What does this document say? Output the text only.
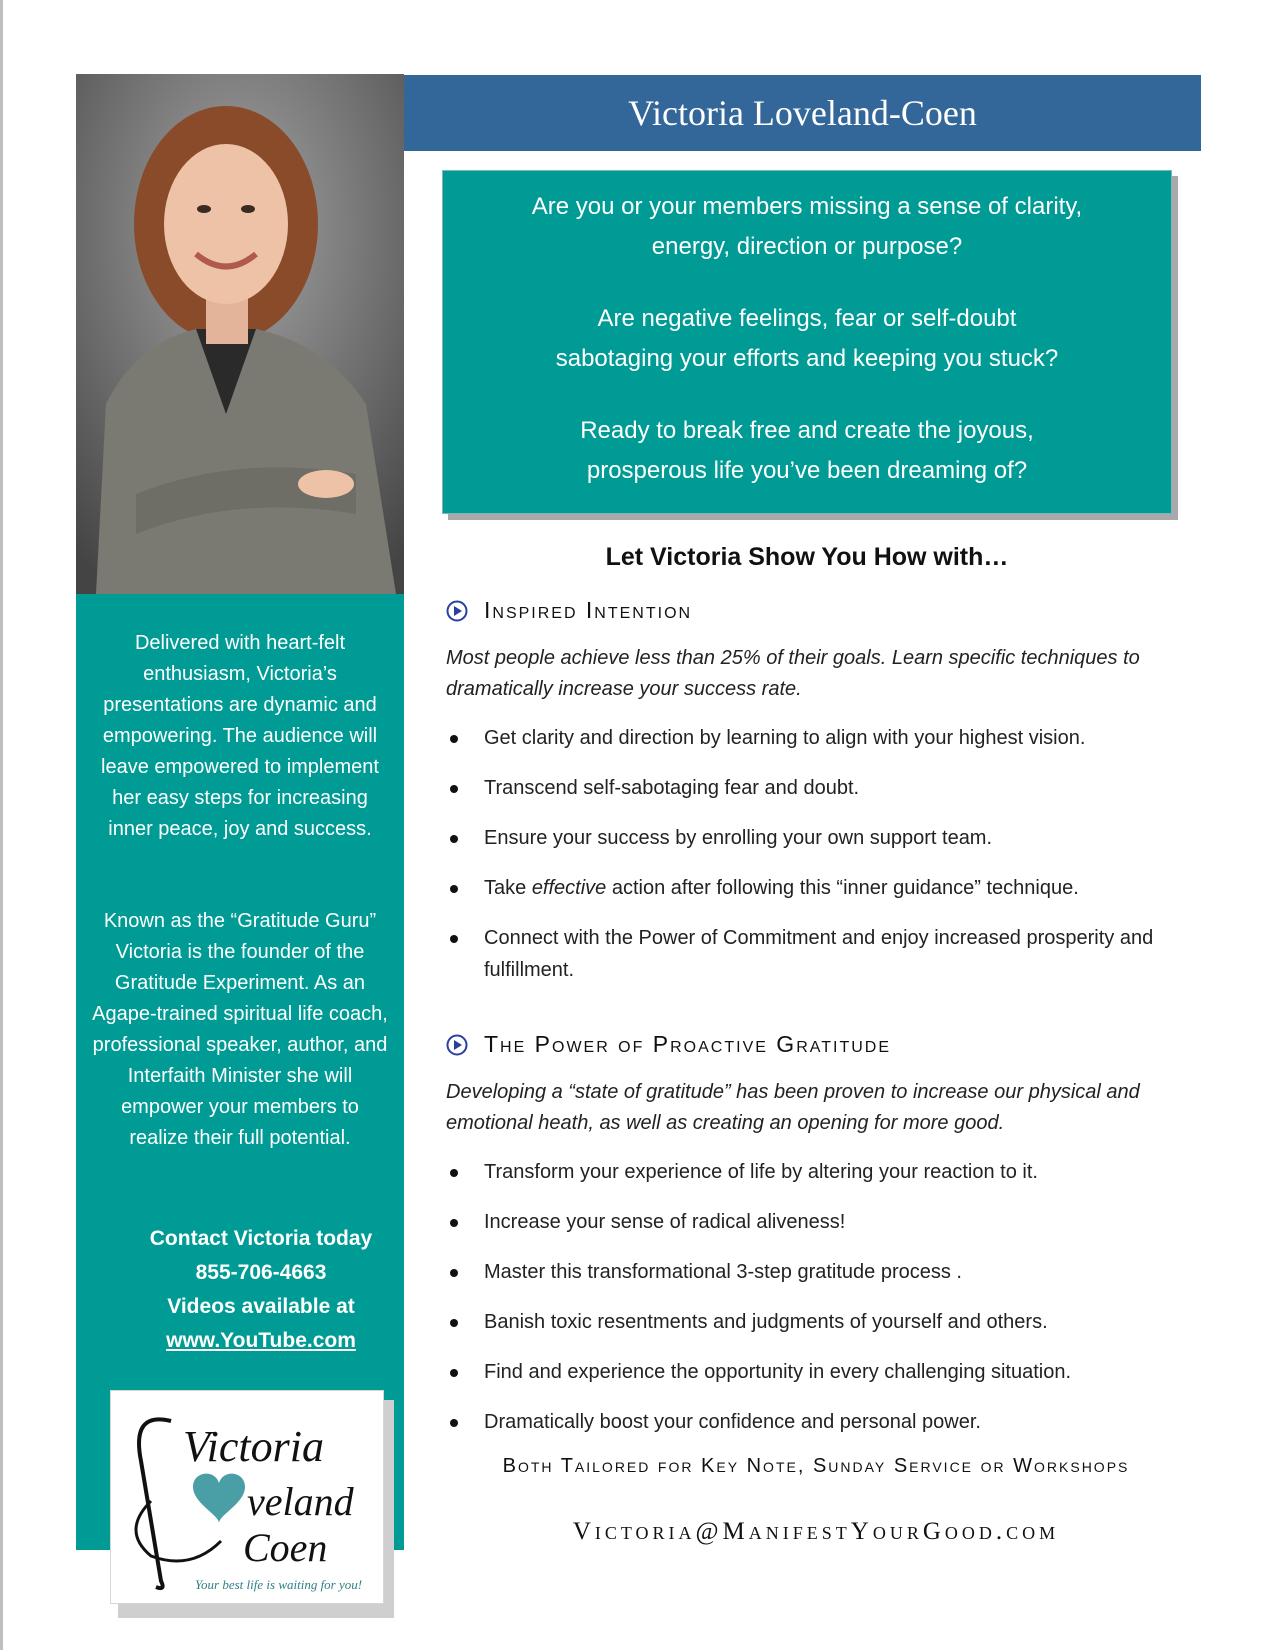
Delivered with heart-felt enthusiasm, Victoria’s presentations are dynamic and empowering. The audience will leave empowered to implement her easy steps for increasing inner peace, joy and success.
Known as the “Gratitude Guru” Victoria is the founder of the Gratitude Experiment. As an Agape-trained spiritual life coach, professional speaker, author, and Interfaith Minister she will empower your members to realize their full potential.
Contact Victoria today
855-706-4663
Videos available at
www.YouTube.com
Victoria
veland
Coen
Your best life is waiting for you!
Victoria Loveland-Coen

Are you or your members missing a sense of clarity,

energy, direction or purpose?

Are negative feelings, fear or self-doubt

sabotaging your efforts and keeping you stuck?

Ready to break free and create the joyous,

prosperous life you’ve been dreaming of?

Let Victoria Show You How with…
Inspired Intention
Most people achieve less than 25% of their goals. Learn specific techniques to dramatically increase your success rate.
Get clarity and direction by learning to align with your highest vision.
Transcend self-sabotaging fear and doubt.
Ensure your success by enrolling your own support team.
Take effective action after following this “inner guidance” technique.
Connect with the Power of Commitment and enjoy increased prosperity and fulfillment.
The Power of Proactive Gratitude
Developing a “state of gratitude” has been proven to increase our physical and emotional heath, as well as creating an opening for more good.
Transform your experience of life by altering your reaction to it.
Increase your sense of radical aliveness!
Master this transformational 3-step gratitude process .
Banish toxic resentments and judgments of yourself and others.
Find and experience the opportunity in every challenging situation.
Dramatically boost your confidence and personal power.
Both Tailored for Key Note, Sunday Service or Workshops
Victoria@ManifestYourGood.com
